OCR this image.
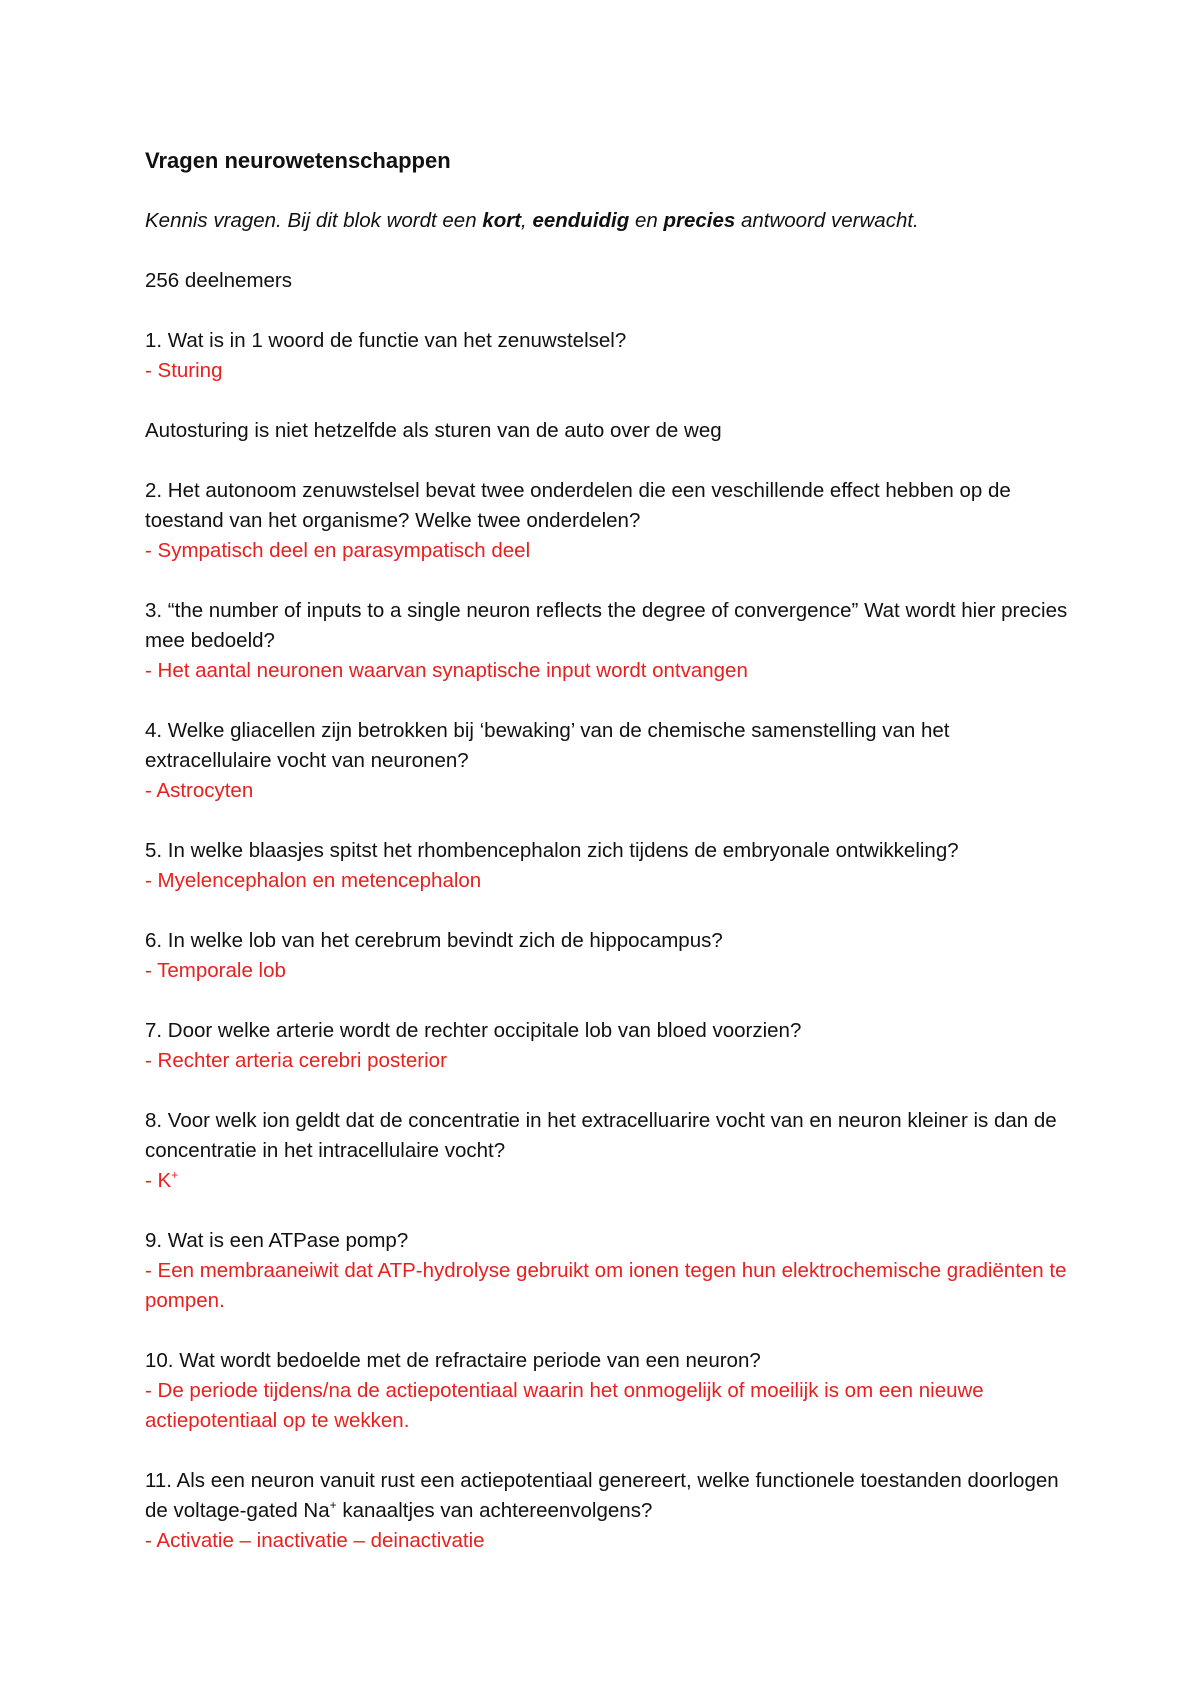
Vragen neurowetenschappen
Kennis vragen. Bij dit blok wordt een kort, eenduidig en precies antwoord verwacht.
256 deelnemers
1. Wat is in 1 woord de functie van het zenuwstelsel?
- Sturing
Autosturing is niet hetzelfde als sturen van de auto over de weg
2. Het autonoom zenuwstelsel bevat twee onderdelen die een veschillende effect hebben op de toestand van het organisme? Welke twee onderdelen?
- Sympatisch deel en parasympatisch deel
3. “the number of inputs to a single neuron reflects the degree of convergence” Wat wordt hier precies mee bedoeld?
- Het aantal neuronen waarvan synaptische input wordt ontvangen
4. Welke gliacellen zijn betrokken bij ‘bewaking’ van de chemische samenstelling van het extracellulaire vocht van neuronen?
- Astrocyten
5. In welke blaasjes spitst het rhombencephalon zich tijdens de embryonale ontwikkeling?
- Myelencephalon en metencephalon
6. In welke lob van het cerebrum bevindt zich de hippocampus?
- Temporale lob
7. Door welke arterie wordt de rechter occipitale lob van bloed voorzien?
- Rechter arteria cerebri posterior
8. Voor welk ion geldt dat de concentratie in het extracelluarire vocht van en neuron kleiner is dan de concentratie in het intracellulaire vocht?
- K+
9. Wat is een ATPase pomp?
- Een membraaneiwit dat ATP-hydrolyse gebruikt om ionen tegen hun elektrochemische gradiënten te pompen.
10. Wat wordt bedoelde met de refractaire periode van een neuron?
- De periode tijdens/na de actiepotentiaal waarin het onmogelijk of moeilijk is om een nieuwe actiepotentiaal op te wekken.
11. Als een neuron vanuit rust een actiepotentiaal genereert, welke functionele toestanden doorlogen de voltage-gated Na+ kanaaltjes van achtereenvolgens?
- Activatie – inactivatie – deinactivatie
